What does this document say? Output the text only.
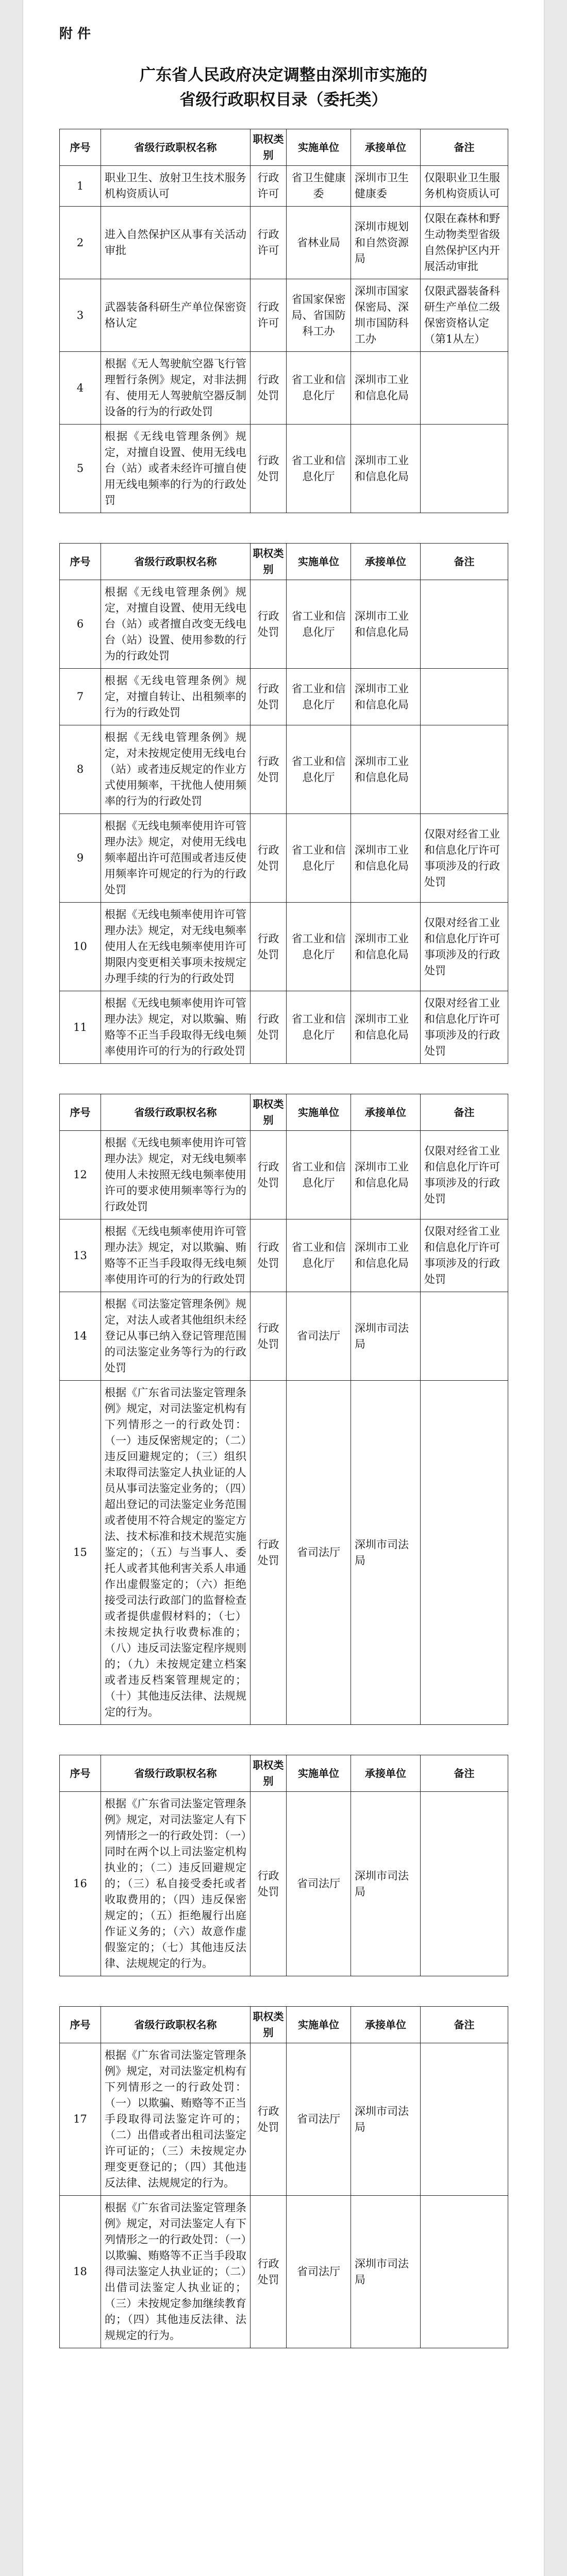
附 件
广东省人民政府决定调整由深圳市实施的
省级行政职权目录（委托类）
序号	省级行政职权名称	职权类别	实施单位	承接单位	备注
1	职业卫生、放射卫生技术服务机构资质认可	行政许可	省卫生健康委	深圳市卫生健康委	仅限职业卫生服务机构资质认可
2	进入自然保护区从事有关活动审批	行政许可	省林业局	深圳市规划和自然资源局	仅限在森林和野生动物类型省级自然保护区内开展活动审批
3	武器装备科研生产单位保密资格认定	行政许可	省国家保密局、省国防科工办	深圳市国家保密局、深圳市国防科工办	仅限武器装备科研生产单位二级保密资格认定（第1从左）
4	根据《无人驾驶航空器飞行管理暂行条例》规定，对非法拥有、使用无人驾驶航空器反制设备的行为的行政处罚	行政处罚	省工业和信息化厅	深圳市工业和信息化局	
5	根据《无线电管理条例》规定，对擅自设置、使用无线电台（站）或者未经许可擅自使用无线电频率的行为的行政处罚	行政处罚	省工业和信息化厅	深圳市工业和信息化局	
序号	省级行政职权名称	职权类别	实施单位	承接单位	备注
6	根据《无线电管理条例》规定，对擅自设置、使用无线电台（站）或者擅自改变无线电台（站）设置、使用参数的行为的行政处罚	行政处罚	省工业和信息化厅	深圳市工业和信息化局	
7	根据《无线电管理条例》规定，对擅自转让、出租频率的行为的行政处罚	行政处罚	省工业和信息化厅	深圳市工业和信息化局	
8	根据《无线电管理条例》规定，对未按规定使用无线电台（站）或者违反规定的作业方式使用频率，干扰他人使用频率的行为的行政处罚	行政处罚	省工业和信息化厅	深圳市工业和信息化局	
9	根据《无线电频率使用许可管理办法》规定，对使用无线电频率超出许可范围或者违反使用频率许可规定的行为的行政处罚	行政处罚	省工业和信息化厅	深圳市工业和信息化局	仅限对经省工业和信息化厅许可事项涉及的行政处罚
10	根据《无线电频率使用许可管理办法》规定，对无线电频率使用人在无线电频率使用许可期限内变更相关事项未按规定办理手续的行为的行政处罚	行政处罚	省工业和信息化厅	深圳市工业和信息化局	仅限对经省工业和信息化厅许可事项涉及的行政处罚
11	根据《无线电频率使用许可管理办法》规定，对以欺骗、贿赂等不正当手段取得无线电频率使用许可的行为的行政处罚	行政处罚	省工业和信息化厅	深圳市工业和信息化局	仅限对经省工业和信息化厅许可事项涉及的行政处罚
序号	省级行政职权名称	职权类别	实施单位	承接单位	备注
12	根据《无线电频率使用许可管理办法》规定，对无线电频率使用人未按照无线电频率使用许可的要求使用频率等行为的行政处罚	行政处罚	省工业和信息化厅	深圳市工业和信息化局	仅限对经省工业和信息化厅许可事项涉及的行政处罚
13	根据《无线电频率使用许可管理办法》规定，对以欺骗、贿赂等不正当手段取得无线电频率使用许可的行为的行政处罚	行政处罚	省工业和信息化厅	深圳市工业和信息化局	仅限对经省工业和信息化厅许可事项涉及的行政处罚
14	根据《司法鉴定管理条例》规定，对法人或者其他组织未经登记从事已纳入登记管理范围的司法鉴定业务等行为的行政处罚	行政处罚	省司法厅	深圳市司法局	
15	根据《广东省司法鉴定管理条例》规定，对司法鉴定机构有下列情形之一的行政处罚：（一）违反保密规定的；（二）违反回避规定的；（三）组织未取得司法鉴定人执业证的人员从事司法鉴定业务的；（四）超出登记的司法鉴定业务范围或者使用不符合规定的鉴定方法、技术标准和技术规范实施鉴定的；（五）与当事人、委托人或者其他利害关系人串通作出虚假鉴定的；（六）拒绝接受司法行政部门的监督检查或者提供虚假材料的；（七）未按规定执行收费标准的；（八）违反司法鉴定程序规则的；（九）未按规定建立档案或者违反档案管理规定的；（十）其他违反法律、法规规定的行为。	行政处罚	省司法厅	深圳市司法局	
序号	省级行政职权名称	职权类别	实施单位	承接单位	备注
16	根据《广东省司法鉴定管理条例》规定，对司法鉴定人有下列情形之一的行政处罚：（一）同时在两个以上司法鉴定机构执业的；（二）违反回避规定的；（三）私自接受委托或者收取费用的；（四）违反保密规定的；（五）拒绝履行出庭作证义务的；（六）故意作虚假鉴定的；（七）其他违反法律、法规规定的行为。	行政处罚	省司法厅	深圳市司法局	
序号	省级行政职权名称	职权类别	实施单位	承接单位	备注
17	根据《广东省司法鉴定管理条例》规定，对司法鉴定机构有下列情形之一的行政处罚：（一）以欺骗、贿赂等不正当手段取得司法鉴定许可的；（二）出借或者出租司法鉴定许可证的；（三）未按规定办理变更登记的；（四）其他违反法律、法规规定的行为。	行政处罚	省司法厅	深圳市司法局	
18	根据《广东省司法鉴定管理条例》规定，对司法鉴定人有下列情形之一的行政处罚：（一）以欺骗、贿赂等不正当手段取得司法鉴定人执业证的；（二）出借司法鉴定人执业证的；（三）未按规定参加继续教育的；（四）其他违反法律、法规规定的行为。	行政处罚	省司法厅	深圳市司法局	
